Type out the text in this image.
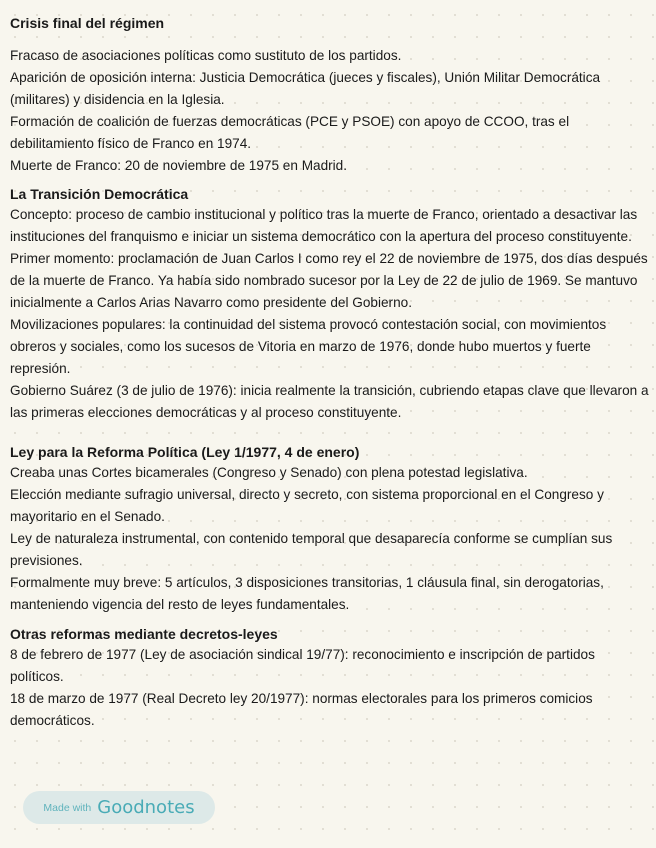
Crisis final del régimen

Fracaso de asociaciones políticas como sustituto de los partidos.

Aparición de oposición interna: Justicia Democrática (jueces y fiscales), Unión Militar Democrática (militares) y disidencia en la Iglesia.

Formación de coalición de fuerzas democráticas (PCE y PSOE) con apoyo de CCOO, tras el debilitamiento físico de Franco en 1974.

Muerte de Franco: 20 de noviembre de 1975 en Madrid.

La Transición Democrática

Concepto: proceso de cambio institucional y político tras la muerte de Franco, orientado a desactivar las instituciones del franquismo e iniciar un sistema democrático con la apertura del proceso constituyente.

Primer momento: proclamación de Juan Carlos I como rey el 22 de noviembre de 1975, dos días después de la muerte de Franco. Ya había sido nombrado sucesor por la Ley de 22 de julio de 1969. Se mantuvo inicialmente a Carlos Arias Navarro como presidente del Gobierno.

Movilizaciones populares: la continuidad del sistema provocó contestación social, con movimientos obreros y sociales, como los sucesos de Vitoria en marzo de 1976, donde hubo muertos y fuerte represión.

Gobierno Suárez (3 de julio de 1976): inicia realmente la transición, cubriendo etapas clave que llevaron a las primeras elecciones democráticas y al proceso constituyente.

Ley para la Reforma Política (Ley 1/1977, 4 de enero)

Creaba unas Cortes bicamerales (Congreso y Senado) con plena potestad legislativa.

Elección mediante sufragio universal, directo y secreto, con sistema proporcional en el Congreso y mayoritario en el Senado.

Ley de naturaleza instrumental, con contenido temporal que desaparecía conforme se cumplían sus previsiones.

Formalmente muy breve: 5 artículos, 3 disposiciones transitorias, 1 cláusula final, sin derogatorias, manteniendo vigencia del resto de leyes fundamentales.

Otras reformas mediante decretos-leyes

8 de febrero de 1977 (Ley de asociación sindical 19/77): reconocimiento e inscripción de partidos políticos.

18 de marzo de 1977 (Real Decreto ley 20/1977): normas electorales para los primeros comicios democráticos.

Made with Goodnotes
